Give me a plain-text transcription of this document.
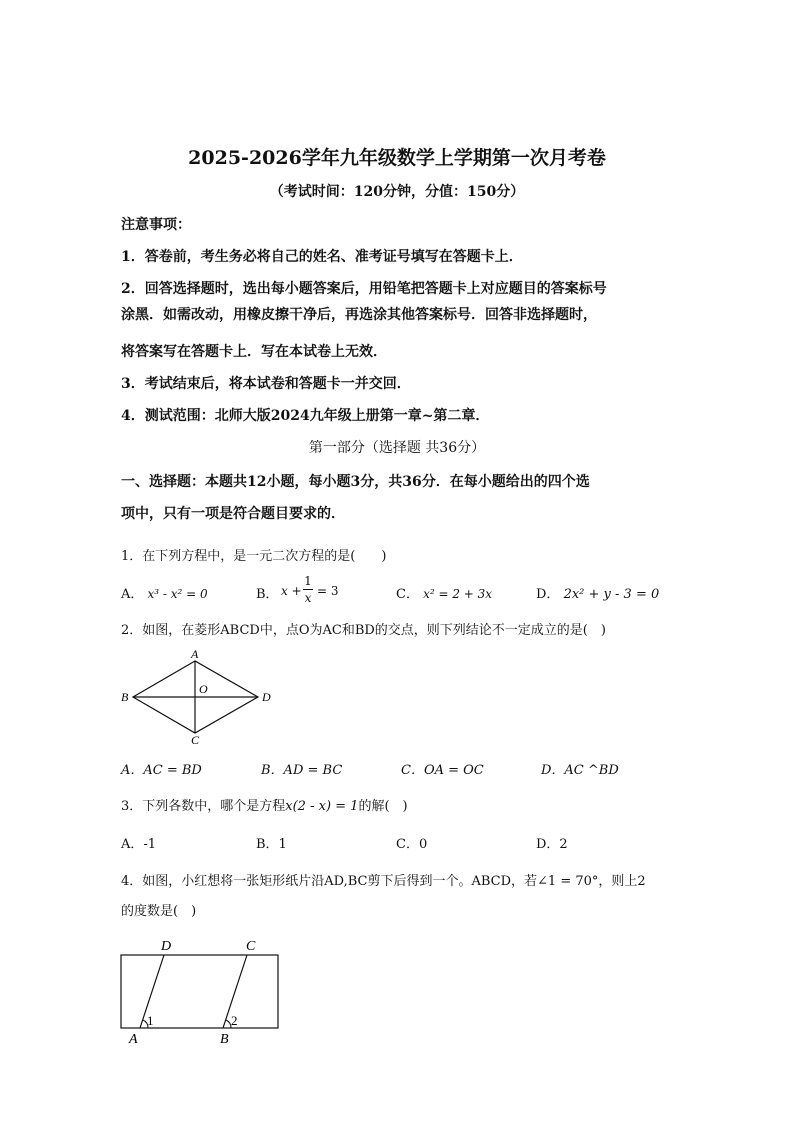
2025-2026学年九年级数学上学期第一次月考卷
（考试时间：120分钟，分值：150分）
注意事项：
1．答卷前，考生务必将自己的姓名、准考证号填写在答题卡上．
2．回答选择题时，选出每小题答案后，用铅笔把答题卡上对应题目的答案标号
涂黑．如需改动，用橡皮擦干净后，再选涂其他答案标号．回答非选择题时，
将答案写在答题卡上．写在本试卷上无效．
3．考试结束后，将本试卷和答题卡一并交回．
4．测试范围：北师大版2024九年级上册第一章~第二章．
第一部分（选择题 共36分）
一、选择题：本题共12小题，每小题3分，共36分．在每小题给出的四个选
项中，只有一项是符合题目要求的．
1．在下列方程中，是一元二次方程的是(　　)
A． x³ - x² = 0	B． x +
1
x = 3	C． x² = 2 + 3x	D． 2x² + y - 3 = 0
2．如图，在菱形ABCD中，点O为AC和BD的交点，则下列结论不一定成立的是(　)
A
B
C
D
O
A．AC = BD	B．AD = BC	C．OA = OC	D．AC ^BD
3．下列各数中，哪个是方程x(2 - x) = 1的解(　)
A．-1	B．1	C．0	D．2
4．如图，小红想将一张矩形纸片沿AD,BC剪下后得到一个。ABCD，若∠1 = 70°，则上2
的度数是(　)
D	C
A	B
1	2
